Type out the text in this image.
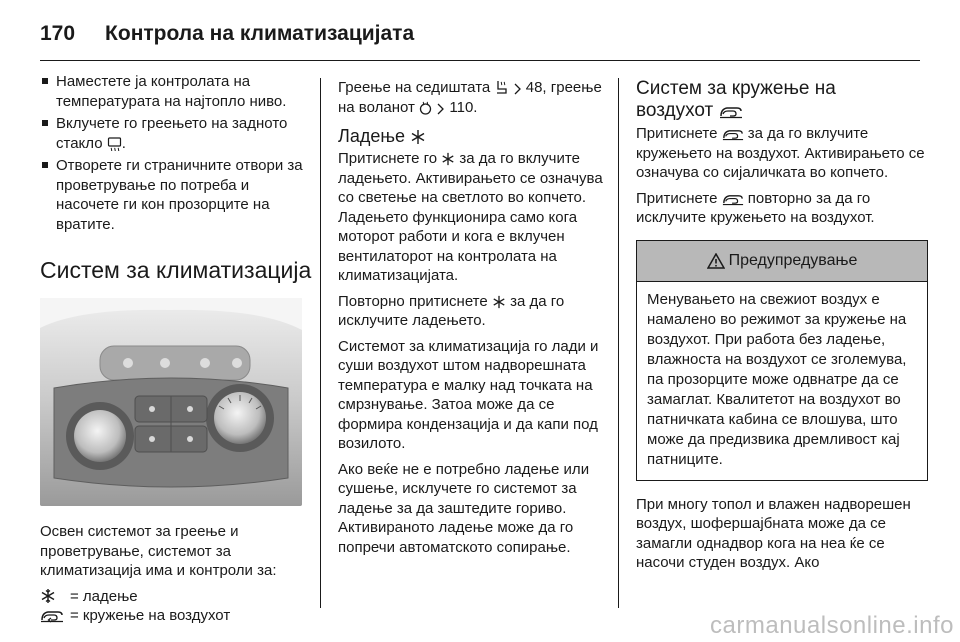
170 Контрола на климатизацијата
Наместете ја контролата на температурата на најтопло ниво.
Вклучете го греењето на задното стакло .
Отворете ги страничните отвори за проветрување по потреба и насочете ги кон прозорците на вратите.
Систем за климатизација

Освен системот за греење и проветрување, системот за климатизација има и контроли за:

= ладење
= кружење на воздухот

Греење на седиштата 48, греење на воланот 110.

Ладење

Притиснете го за да го вклучите ладењето. Активирањето се означува со светење на светлото во копчето. Ладењето функционира само кога моторот работи и кога е вклучен вентилаторот на контролата на климатизацијата.

Повторно притиснете за да го исклучите ладењето.

Системот за климатизација го лади и суши воздухот штом надворешната температура е малку над точката на смрзнување. Затоа може да се формира кондензација и да капи под возилото.

Ако веќе не е потребно ладење или сушење, исклучете го системот за ладење за да заштедите гориво. Активираното ладење може да го попречи автоматското сопирање.

Систем за кружење на
воздухот

Притиснете за да го вклучите кружењето на воздухот. Активирањето се означува со сијаличката во копчето.

Притиснете повторно за да го исклучите кружењето на воздухот.

Предупредување
Менувањето на свежиот воздух е намалено во режимот за кружење на воздухот. При работа без ладење, влажноста на воздухот се зголемува, па прозорците може одвнатре да се замаглат. Квалитетот на воздухот во патничката кабина се влошува, што може да предизвика дремливост кај патниците.

При многу топол и влажен надворешен воздух, шофершајбната може да се замагли однадвор кога на неа ќе се насочи студен воздух. Ако

carmanualsonline.info
